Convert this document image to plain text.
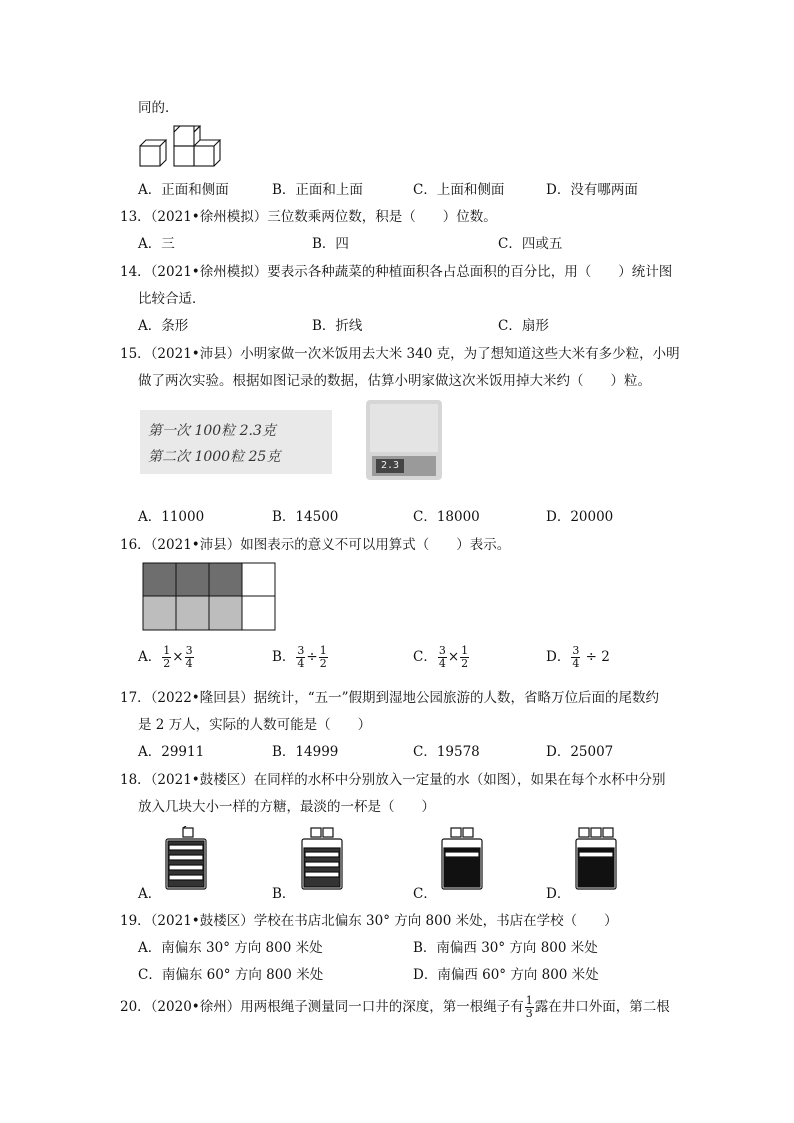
同的．
A．正面和侧面	B．正面和上面	C．上面和侧面	D．没有哪两面
13．（2021•徐州模拟）三位数乘两位数，积是（　　）位数。
A．三	B．四	C．四或五
14．（2021•徐州模拟）要表示各种蔬菜的种植面积各占总面积的百分比，用（　　）统计图
比较合适．
A．条形	B．折线	C．扇形
15．（2021•沛县）小明家做一次米饭用去大米 340 克，为了想知道这些大米有多少粒，小明
做了两次实验。根据如图记录的数据，估算小明家做这次米饭用掉大米约（　　）粒。
第一次 100粒 2.3克
第二次 1000粒 25克
2.3
A．11000	B．14500	C．18000	D．20000
16．（2021•沛县）如图表示的意义不可以用算式（　　）表示。
A． $\frac{1}{2} \times \frac{3}{4}$	B． $\frac{3}{4} \div \frac{1}{2}$	C． $\frac{3}{4} \times \frac{1}{2}$	D． $\frac{3}{4} \div 2$
17．（2022•隆回县）据统计，“五一”假期到湿地公园旅游的人数，省略万位后面的尾数约
是 2 万人，实际的人数可能是（　　）
A．29911	B．14999	C．19578	D．25007
18．（2021•鼓楼区）在同样的水杯中分别放入一定量的水（如图），如果在每个水杯中分别
放入几块大小一样的方糖，最淡的一杯是（　　）
A．	B．	C．	D．
19．（2021•鼓楼区）学校在书店北偏东 30° 方向 800 米处，书店在学校（　　）
A．南偏东 30° 方向 800 米处	B．南偏西 30° 方向 800 米处
C．南偏东 60° 方向 800 米处	D．南偏西 60° 方向 800 米处
20．（2020•徐州）用两根绳子测量同一口井的深度，第一根绳子有 $\frac{1}{3}$ 露在井口外面，第二根
